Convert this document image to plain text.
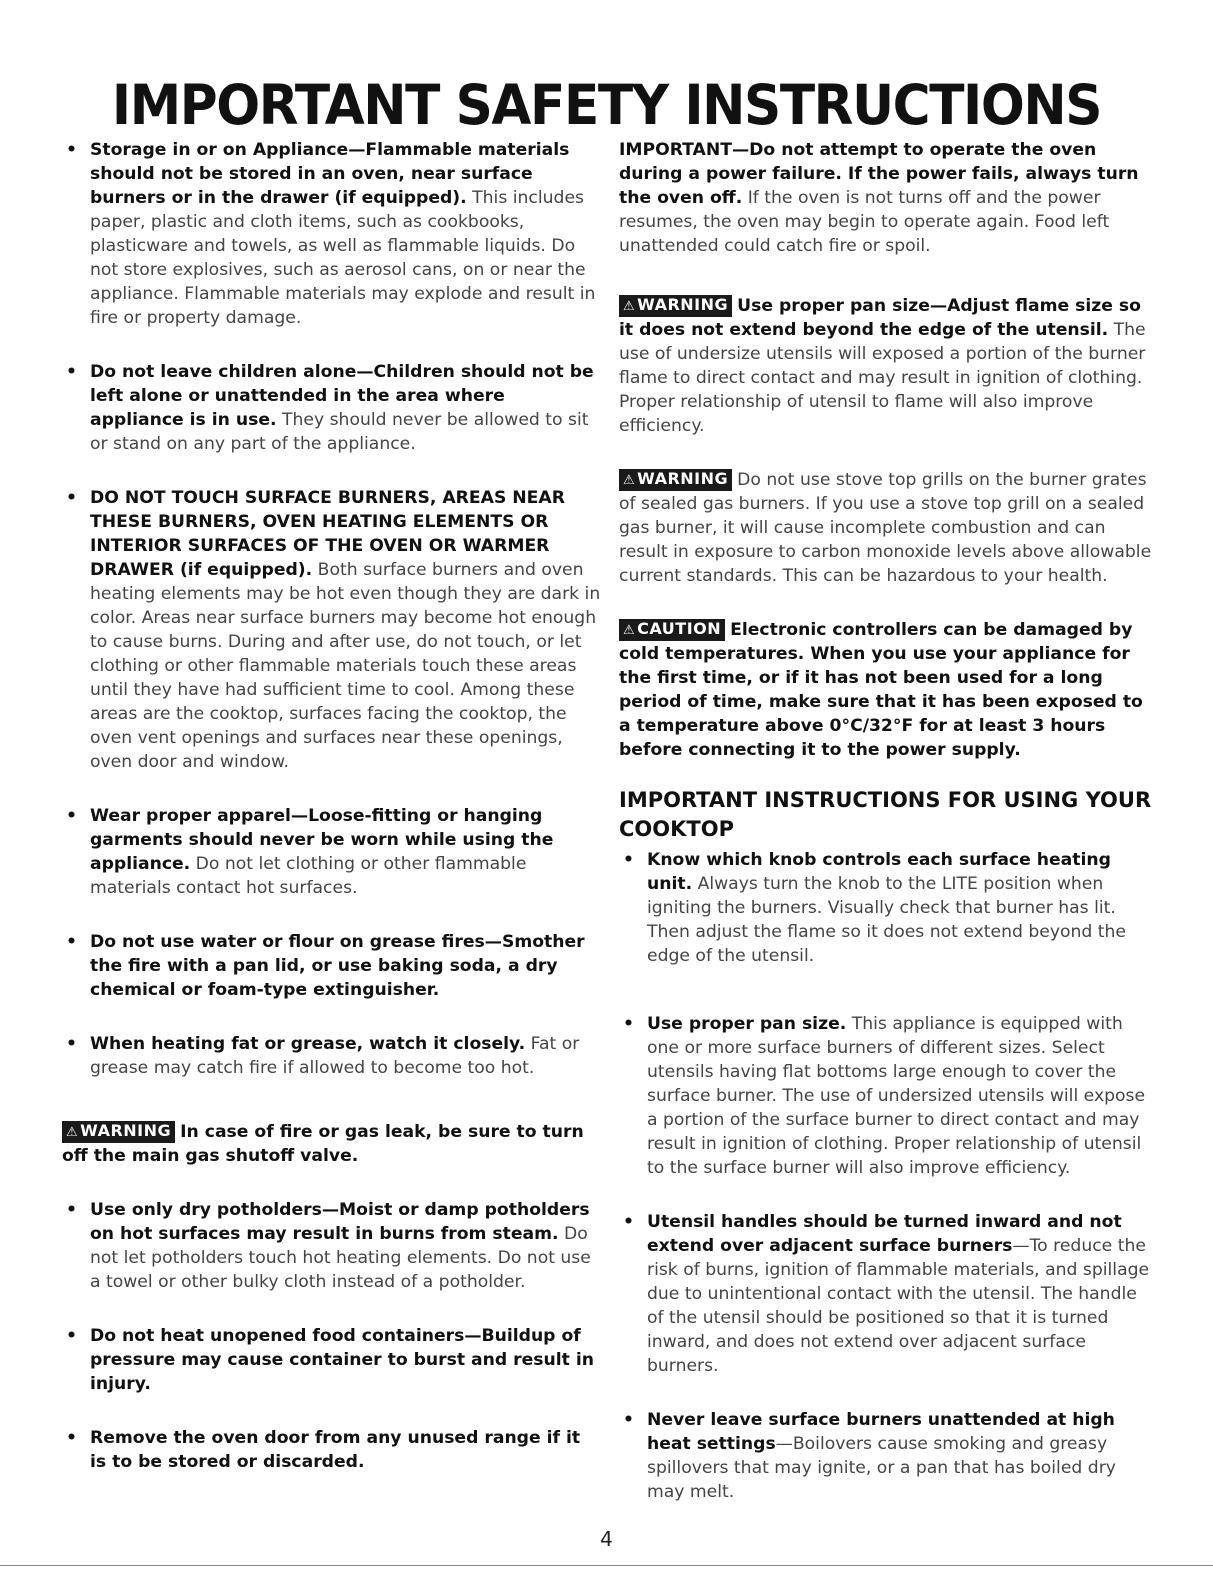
IMPORTANT SAFETY INSTRUCTIONS
• Storage in or on Appliance—Flammable materials should not be stored in an oven, near surface burners or in the drawer (if equipped). This includes paper, plastic and cloth items, such as cookbooks, plasticware and towels, as well as flammable liquids. Do not store explosives, such as aerosol cans, on or near the appliance. Flammable materials may explode and result in fire or property damage.
• Do not leave children alone—Children should not be left alone or unattended in the area where appliance is in use. They should never be allowed to sit or stand on any part of the appliance.
• DO NOT TOUCH SURFACE BURNERS, AREAS NEAR THESE BURNERS, OVEN HEATING ELEMENTS OR INTERIOR SURFACES OF THE OVEN OR WARMER DRAWER (if equipped). Both surface burners and oven heating elements may be hot even though they are dark in color. Areas near surface burners may become hot enough to cause burns. During and after use, do not touch, or let clothing or other flammable materials touch these areas until they have had sufficient time to cool. Among these areas are the cooktop, surfaces facing the cooktop, the oven vent openings and surfaces near these openings, oven door and window.
• Wear proper apparel—Loose-fitting or hanging garments should never be worn while using the appliance. Do not let clothing or other flammable materials contact hot surfaces.
• Do not use water or flour on grease fires—Smother the fire with a pan lid, or use baking soda, a dry chemical or foam-type extinguisher.
• When heating fat or grease, watch it closely. Fat or grease may catch fire if allowed to become too hot.
⚠ WARNING In case of fire or gas leak, be sure to turn off the main gas shutoff valve.
• Use only dry potholders—Moist or damp potholders on hot surfaces may result in burns from steam. Do not let potholders touch hot heating elements. Do not use a towel or other bulky cloth instead of a potholder.
• Do not heat unopened food containers—Buildup of pressure may cause container to burst and result in injury.
• Remove the oven door from any unused range if it is to be stored or discarded.
IMPORTANT—Do not attempt to operate the oven during a power failure. If the power fails, always turn the oven off. If the oven is not turns off and the power resumes, the oven may begin to operate again. Food left unattended could catch fire or spoil.
⚠ WARNING Use proper pan size—Adjust flame size so it does not extend beyond the edge of the utensil. The use of undersize utensils will exposed a portion of the burner flame to direct contact and may result in ignition of clothing. Proper relationship of utensil to flame will also improve efficiency.
⚠ WARNING Do not use stove top grills on the burner grates of sealed gas burners. If you use a stove top grill on a sealed gas burner, it will cause incomplete combustion and can result in exposure to carbon monoxide levels above allowable current standards. This can be hazardous to your health.
⚠ CAUTION Electronic controllers can be damaged by cold temperatures. When you use your appliance for the first time, or if it has not been used for a long period of time, make sure that it has been exposed to a temperature above 0°C/32°F for at least 3 hours before connecting it to the power supply.
IMPORTANT INSTRUCTIONS FOR USING YOUR COOKTOP
• Know which knob controls each surface heating unit. Always turn the knob to the LITE position when igniting the burners. Visually check that burner has lit. Then adjust the flame so it does not extend beyond the edge of the utensil.
• Use proper pan size. This appliance is equipped with one or more surface burners of different sizes. Select utensils having flat bottoms large enough to cover the surface burner. The use of undersized utensils will expose a portion of the surface burner to direct contact and may result in ignition of clothing. Proper relationship of utensil to the surface burner will also improve efficiency.
• Utensil handles should be turned inward and not extend over adjacent surface burners—To reduce the risk of burns, ignition of flammable materials, and spillage due to unintentional contact with the utensil. The handle of the utensil should be positioned so that it is turned inward, and does not extend over adjacent surface burners.
• Never leave surface burners unattended at high heat settings—Boilovers cause smoking and greasy spillovers that may ignite, or a pan that has boiled dry may melt.
4
